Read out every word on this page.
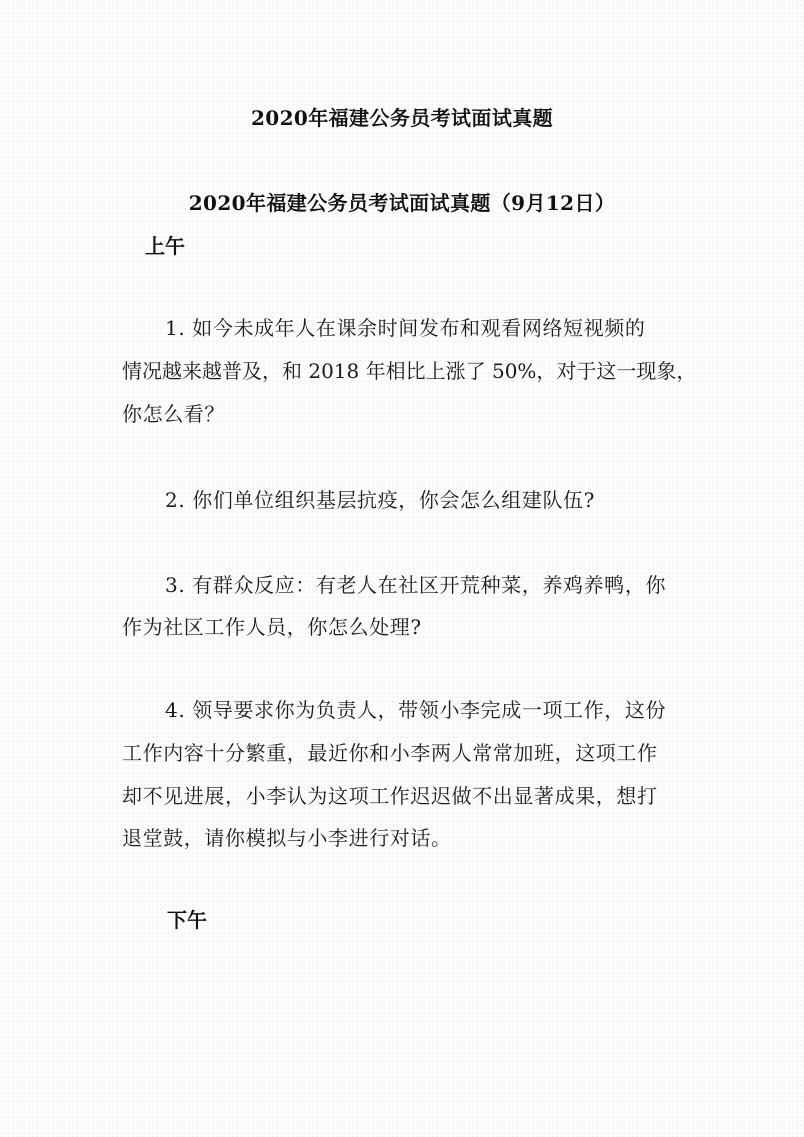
2020年福建公务员考试面试真题
2020年福建公务员考试面试真题（9月12日）
上午
1. 如今未成年人在课余时间发布和观看网络短视频的
情况越来越普及，和 2018 年相比上涨了 50%，对于这一现象，
你怎么看？
2. 你们单位组织基层抗疫，你会怎么组建队伍?
3. 有群众反应：有老人在社区开荒种菜，养鸡养鸭，你
作为社区工作人员，你怎么处理?
4. 领导要求你为负责人，带领小李完成一项工作，这份
工作内容十分繁重，最近你和小李两人常常加班，这项工作
却不见进展，小李认为这项工作迟迟做不出显著成果，想打
退堂鼓，请你模拟与小李进行对话。
下午
